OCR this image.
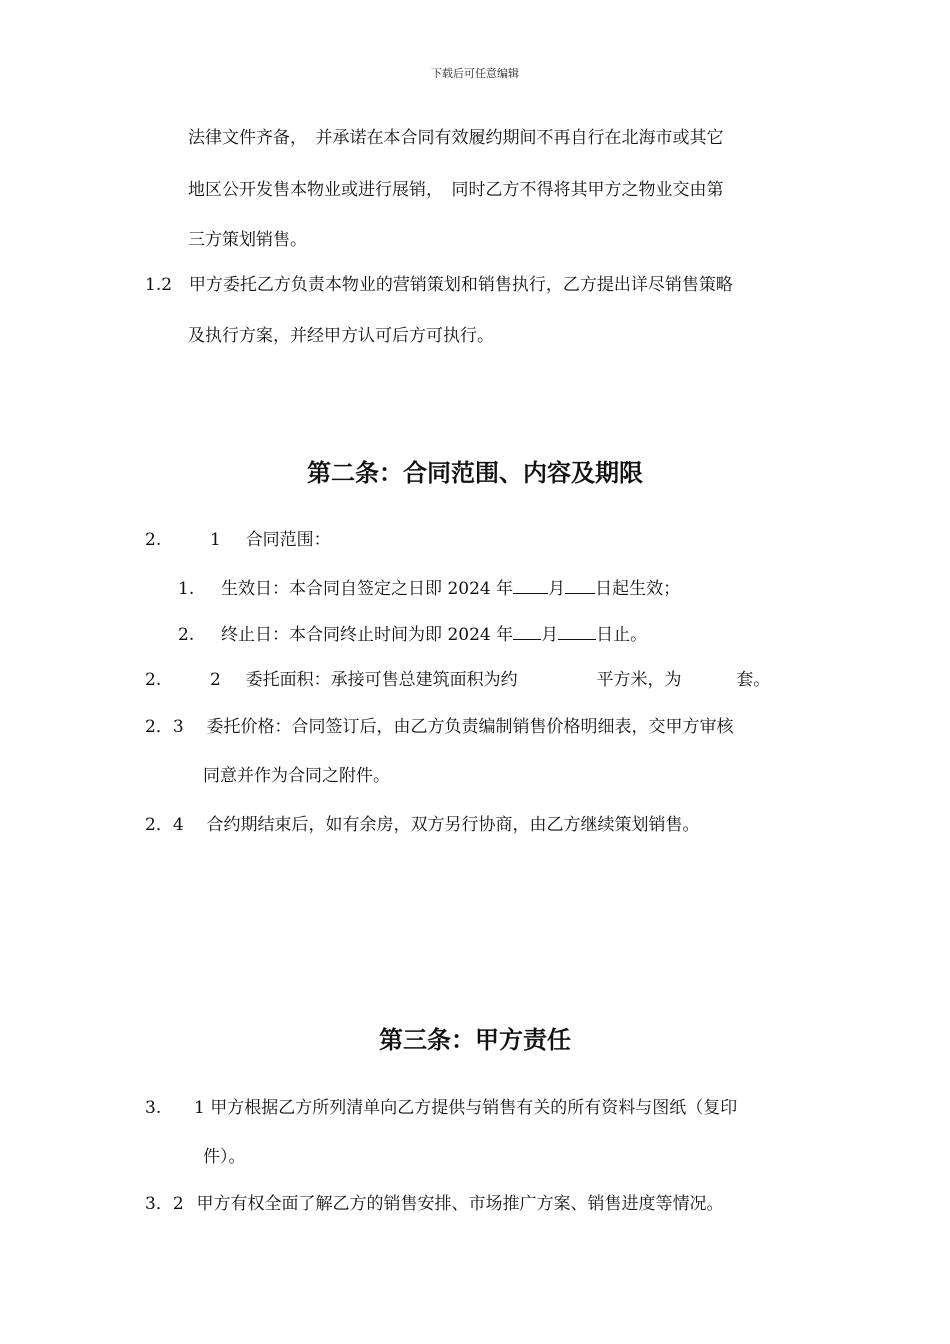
下载后可任意编辑
法律文件齐备，　并承诺在本合同有效履约期间不再自行在北海市或其它
地区公开发售本物业或进行展销，　同时乙方不得将其甲方之物业交由第
三方策划销售。
1.2 甲方委托乙方负责本物业的营销策划和销售执行，乙方提出详尽销售策略
及执行方案，并经甲方认可后方可执行。
第二条：合同范围、内容及期限
2.	1 合同范围：
1. 生效日：本合同自签定之日即 2024 年 月 日起生效；
2. 终止日：本合同终止时间为即 2024 年 月 日止。
2.	2 委托面积：承接可售总建筑面积为约	平方米，为	套。
2．3 委托价格：合同签订后，由乙方负责编制销售价格明细表，交甲方审核
同意并作为合同之附件。
2．4 合约期结束后，如有余房，双方另行协商，由乙方继续策划销售。
第三条：甲方责任
3. 1 甲方根据乙方所列清单向乙方提供与销售有关的所有资料与图纸（复印
件）。
3．2 甲方有权全面了解乙方的销售安排、市场推广方案、销售进度等情况。
